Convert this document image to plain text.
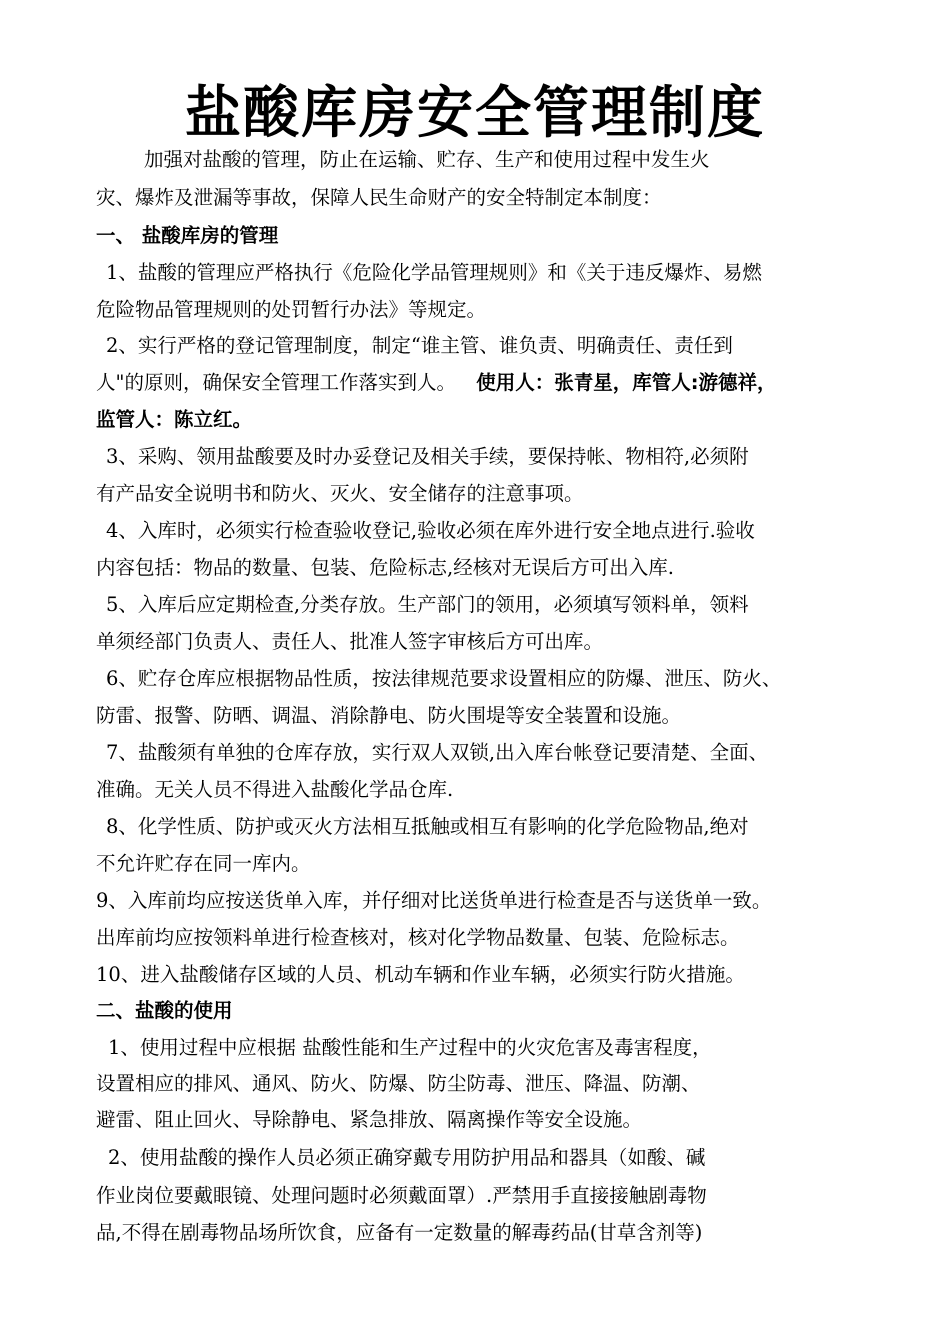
盐酸库房安全管理制度
加强对盐酸的管理，防止在运输、贮存、生产和使用过程中发生火
灾、爆炸及泄漏等事故，保障人民生命财产的安全特制定本制度：
一、 盐酸库房的管理
1、盐酸的管理应严格执行《危险化学品管理规则》和《关于违反爆炸、易燃
危险物品管理规则的处罚暂行办法》等规定。
2、实行严格的登记管理制度，制定“谁主管、谁负责、明确责任、责任到
人"的原则，确保安全管理工作落实到人。 使用人：张青星，库管人:游德祥，
监管人：陈立红。
3、采购、领用盐酸要及时办妥登记及相关手续，要保持帐、物相符,必须附
有产品安全说明书和防火、灭火、安全储存的注意事项。
4、入库时，必须实行检查验收登记,验收必须在库外进行安全地点进行.验收
内容包括：物品的数量、包装、危险标志,经核对无误后方可出入库.
5、入库后应定期检查,分类存放。生产部门的领用，必须填写领料单，领料
单须经部门负责人、责任人、批准人签字审核后方可出库。
6、贮存仓库应根据物品性质，按法律规范要求设置相应的防爆、泄压、防火、
防雷、报警、防晒、调温、消除静电、防火围堤等安全装置和设施。
7、盐酸须有单独的仓库存放，实行双人双锁,出入库台帐登记要清楚、全面、
准确。无关人员不得进入盐酸化学品仓库.
8、化学性质、防护或灭火方法相互抵触或相互有影响的化学危险物品,绝对
不允许贮存在同一库内。
9、入库前均应按送货单入库，并仔细对比送货单进行检查是否与送货单一致。
出库前均应按领料单进行检查核对，核对化学物品数量、包装、危险标志。
10、进入盐酸储存区域的人员、机动车辆和作业车辆，必须实行防火措施。
二、盐酸的使用
1、使用过程中应根据 盐酸性能和生产过程中的火灾危害及毒害程度，
设置相应的排风、通风、防火、防爆、防尘防毒、泄压、降温、防潮、
避雷、阻止回火、导除静电、紧急排放、隔离操作等安全设施。
2、使用盐酸的操作人员必须正确穿戴专用防护用品和器具（如酸、碱
作业岗位要戴眼镜、处理问题时必须戴面罩）.严禁用手直接接触剧毒物
品,不得在剧毒物品场所饮食，应备有一定数量的解毒药品(甘草含剂等)
